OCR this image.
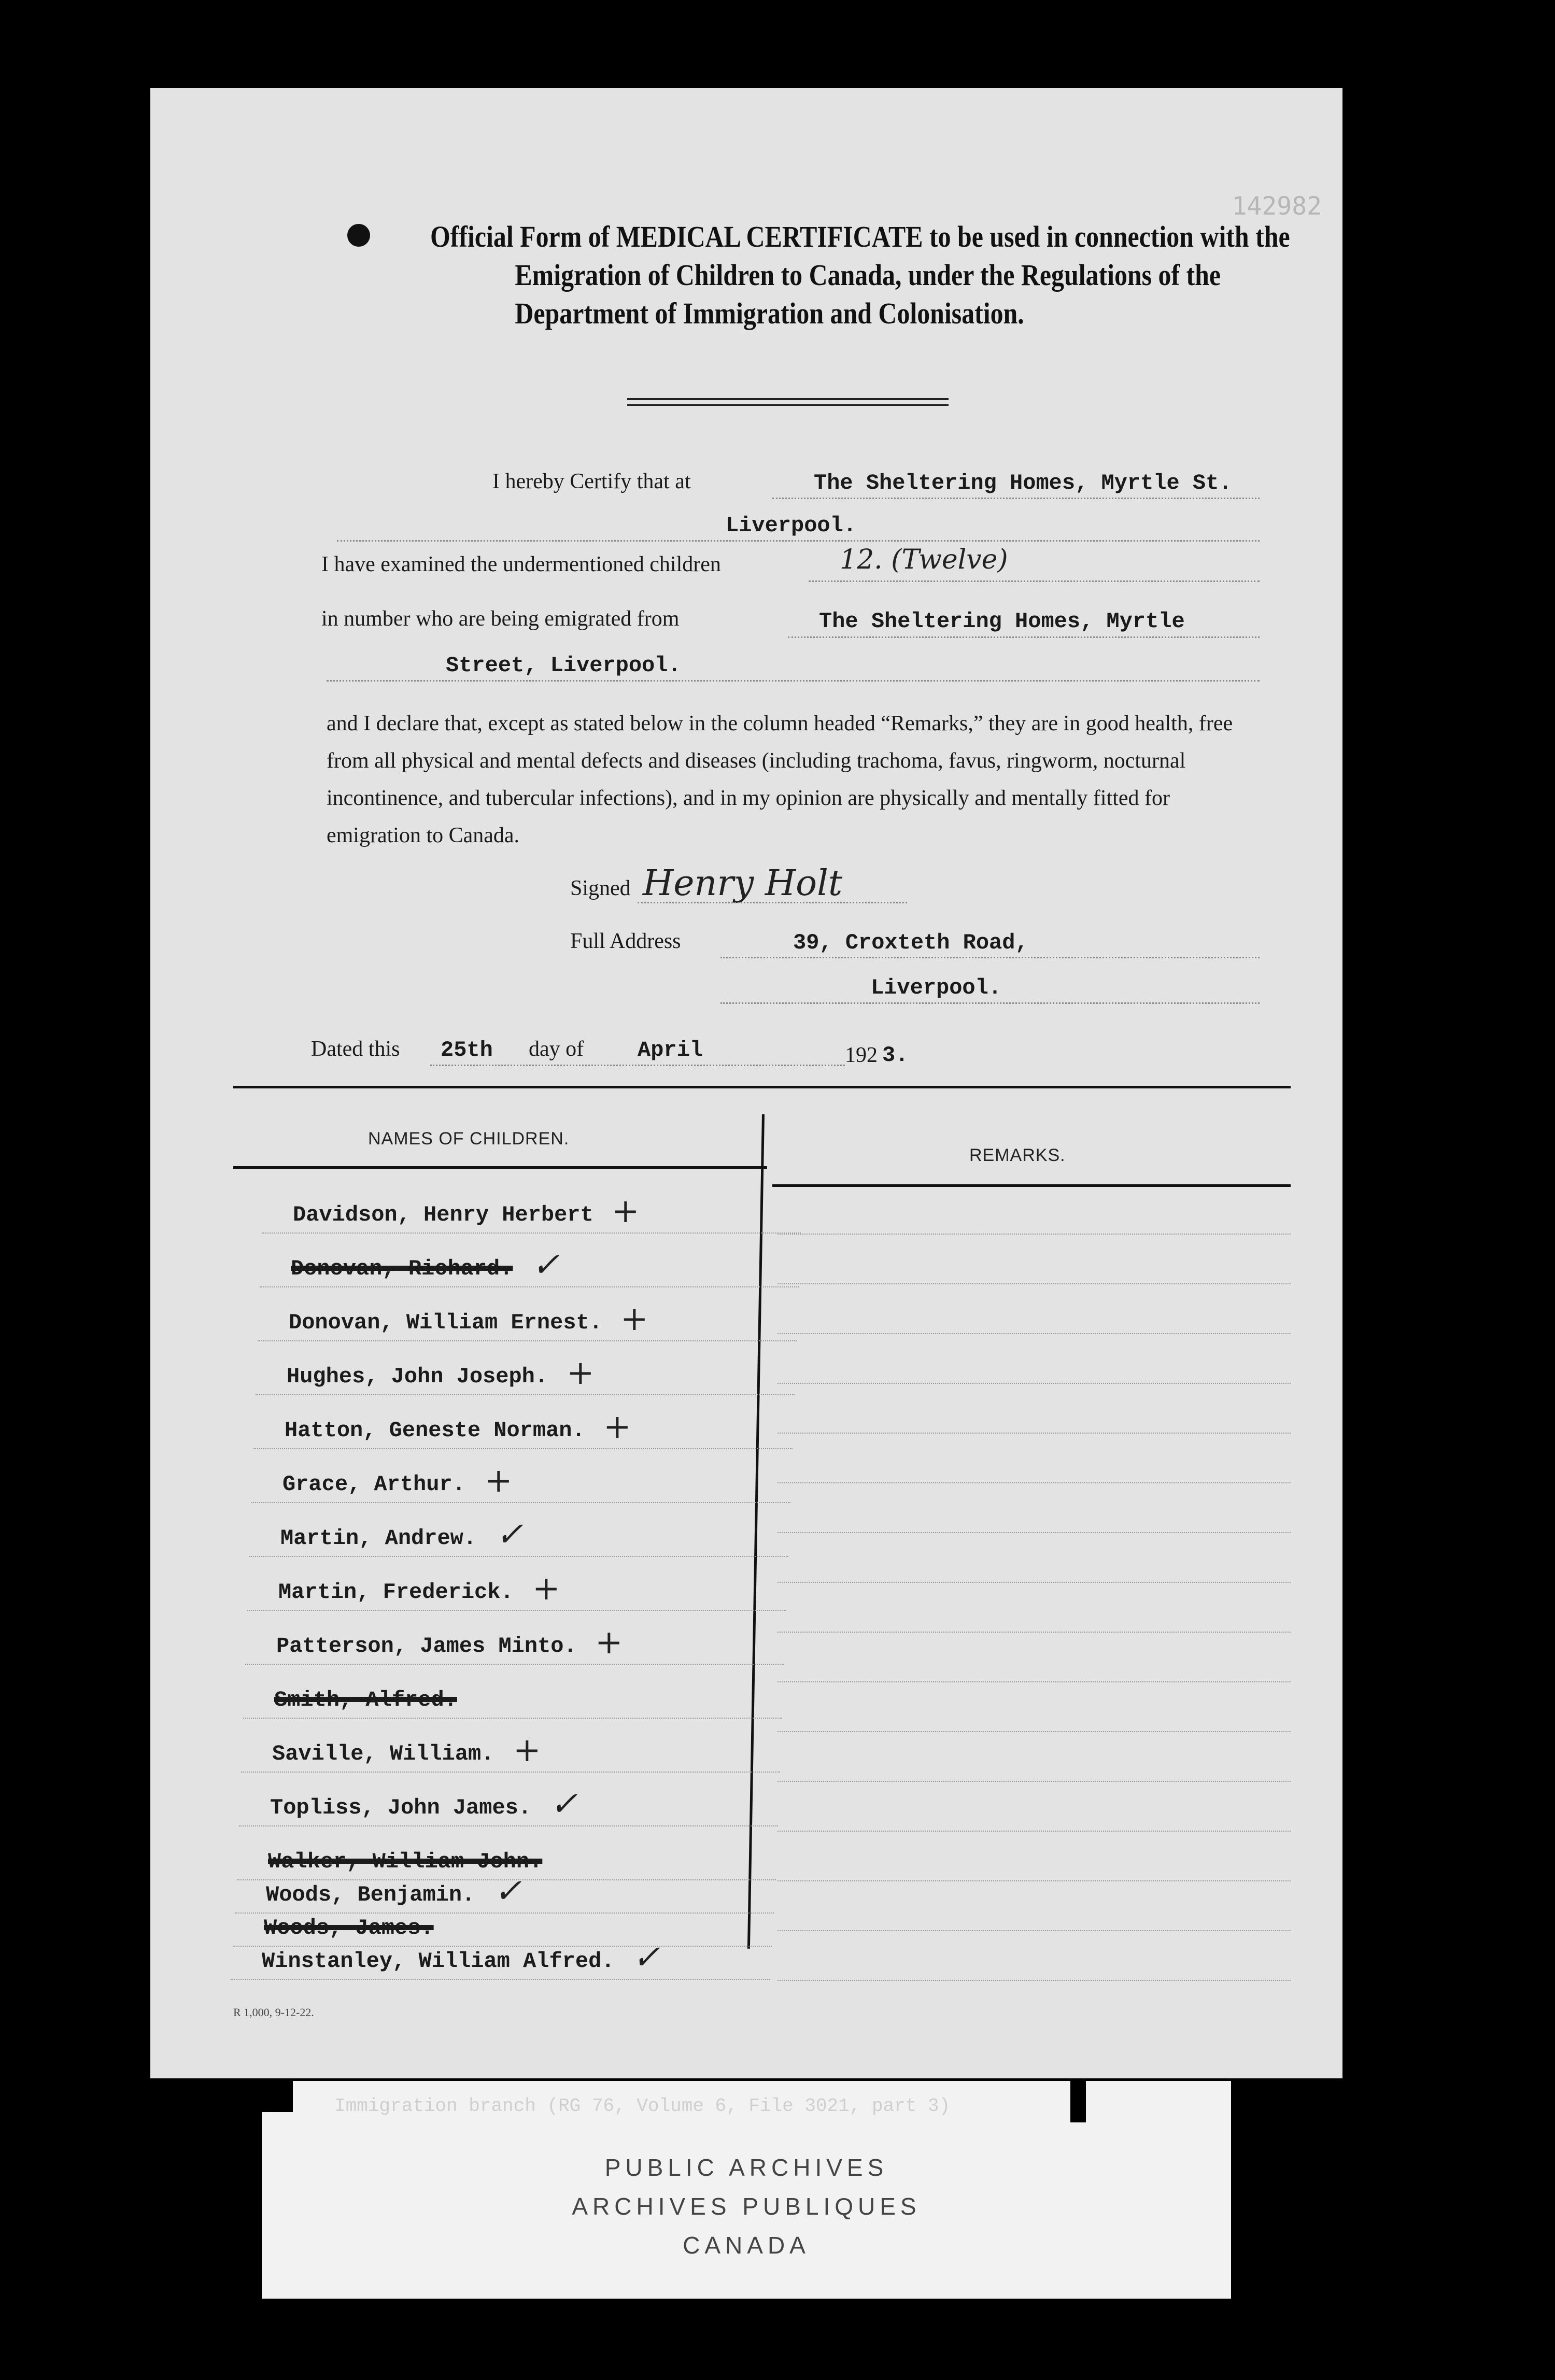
Official Form of MEDICAL CERTIFICATE to be used in connection with the
Emigration of Children to Canada, under the Regulations of the
Department of Immigration and Colonisation.
142982
I hereby Certify that at	The Sheltering Homes, Myrtle St.
Liverpool.
I have examined the undermentioned children	12. (Twelve)
in number who are being emigrated from	The Sheltering Homes, Myrtle
Street, Liverpool.
and I declare that, except as stated below in the column headed “Remarks,” they are in good health, free from all physical and mental defects and diseases (including trachoma, favus, ringworm, nocturnal incontinence, and tubercular infections), and in my opinion are physically and mentally fitted for emigration to Canada.
Signed Henry Holt
Full Address	39, Croxteth Road,
Liverpool.
Dated this 25th day of April	192 3.
NAMES OF CHILDREN.
REMARKS.
Davidson, Henry Herbert +
Donovan, Richard. ✓
Donovan, William Ernest. +
Hughes, John Joseph. +
Hatton, Geneste Norman. +
Grace, Arthur. +
Martin, Andrew. ✓
Martin, Frederick. +
Patterson, James Minto. +
Smith, Alfred.
Saville, William. +
Topliss, John James. ✓
Walker, William John.
Woods, Benjamin. ✓
Woods, James.
Winstanley, William Alfred. ✓
R 1,000, 9-12-22.
Immigration branch (RG 76, Volume 6, File 3021, part 3)
PUBLIC ARCHIVES
ARCHIVES PUBLIQUES
CANADA
